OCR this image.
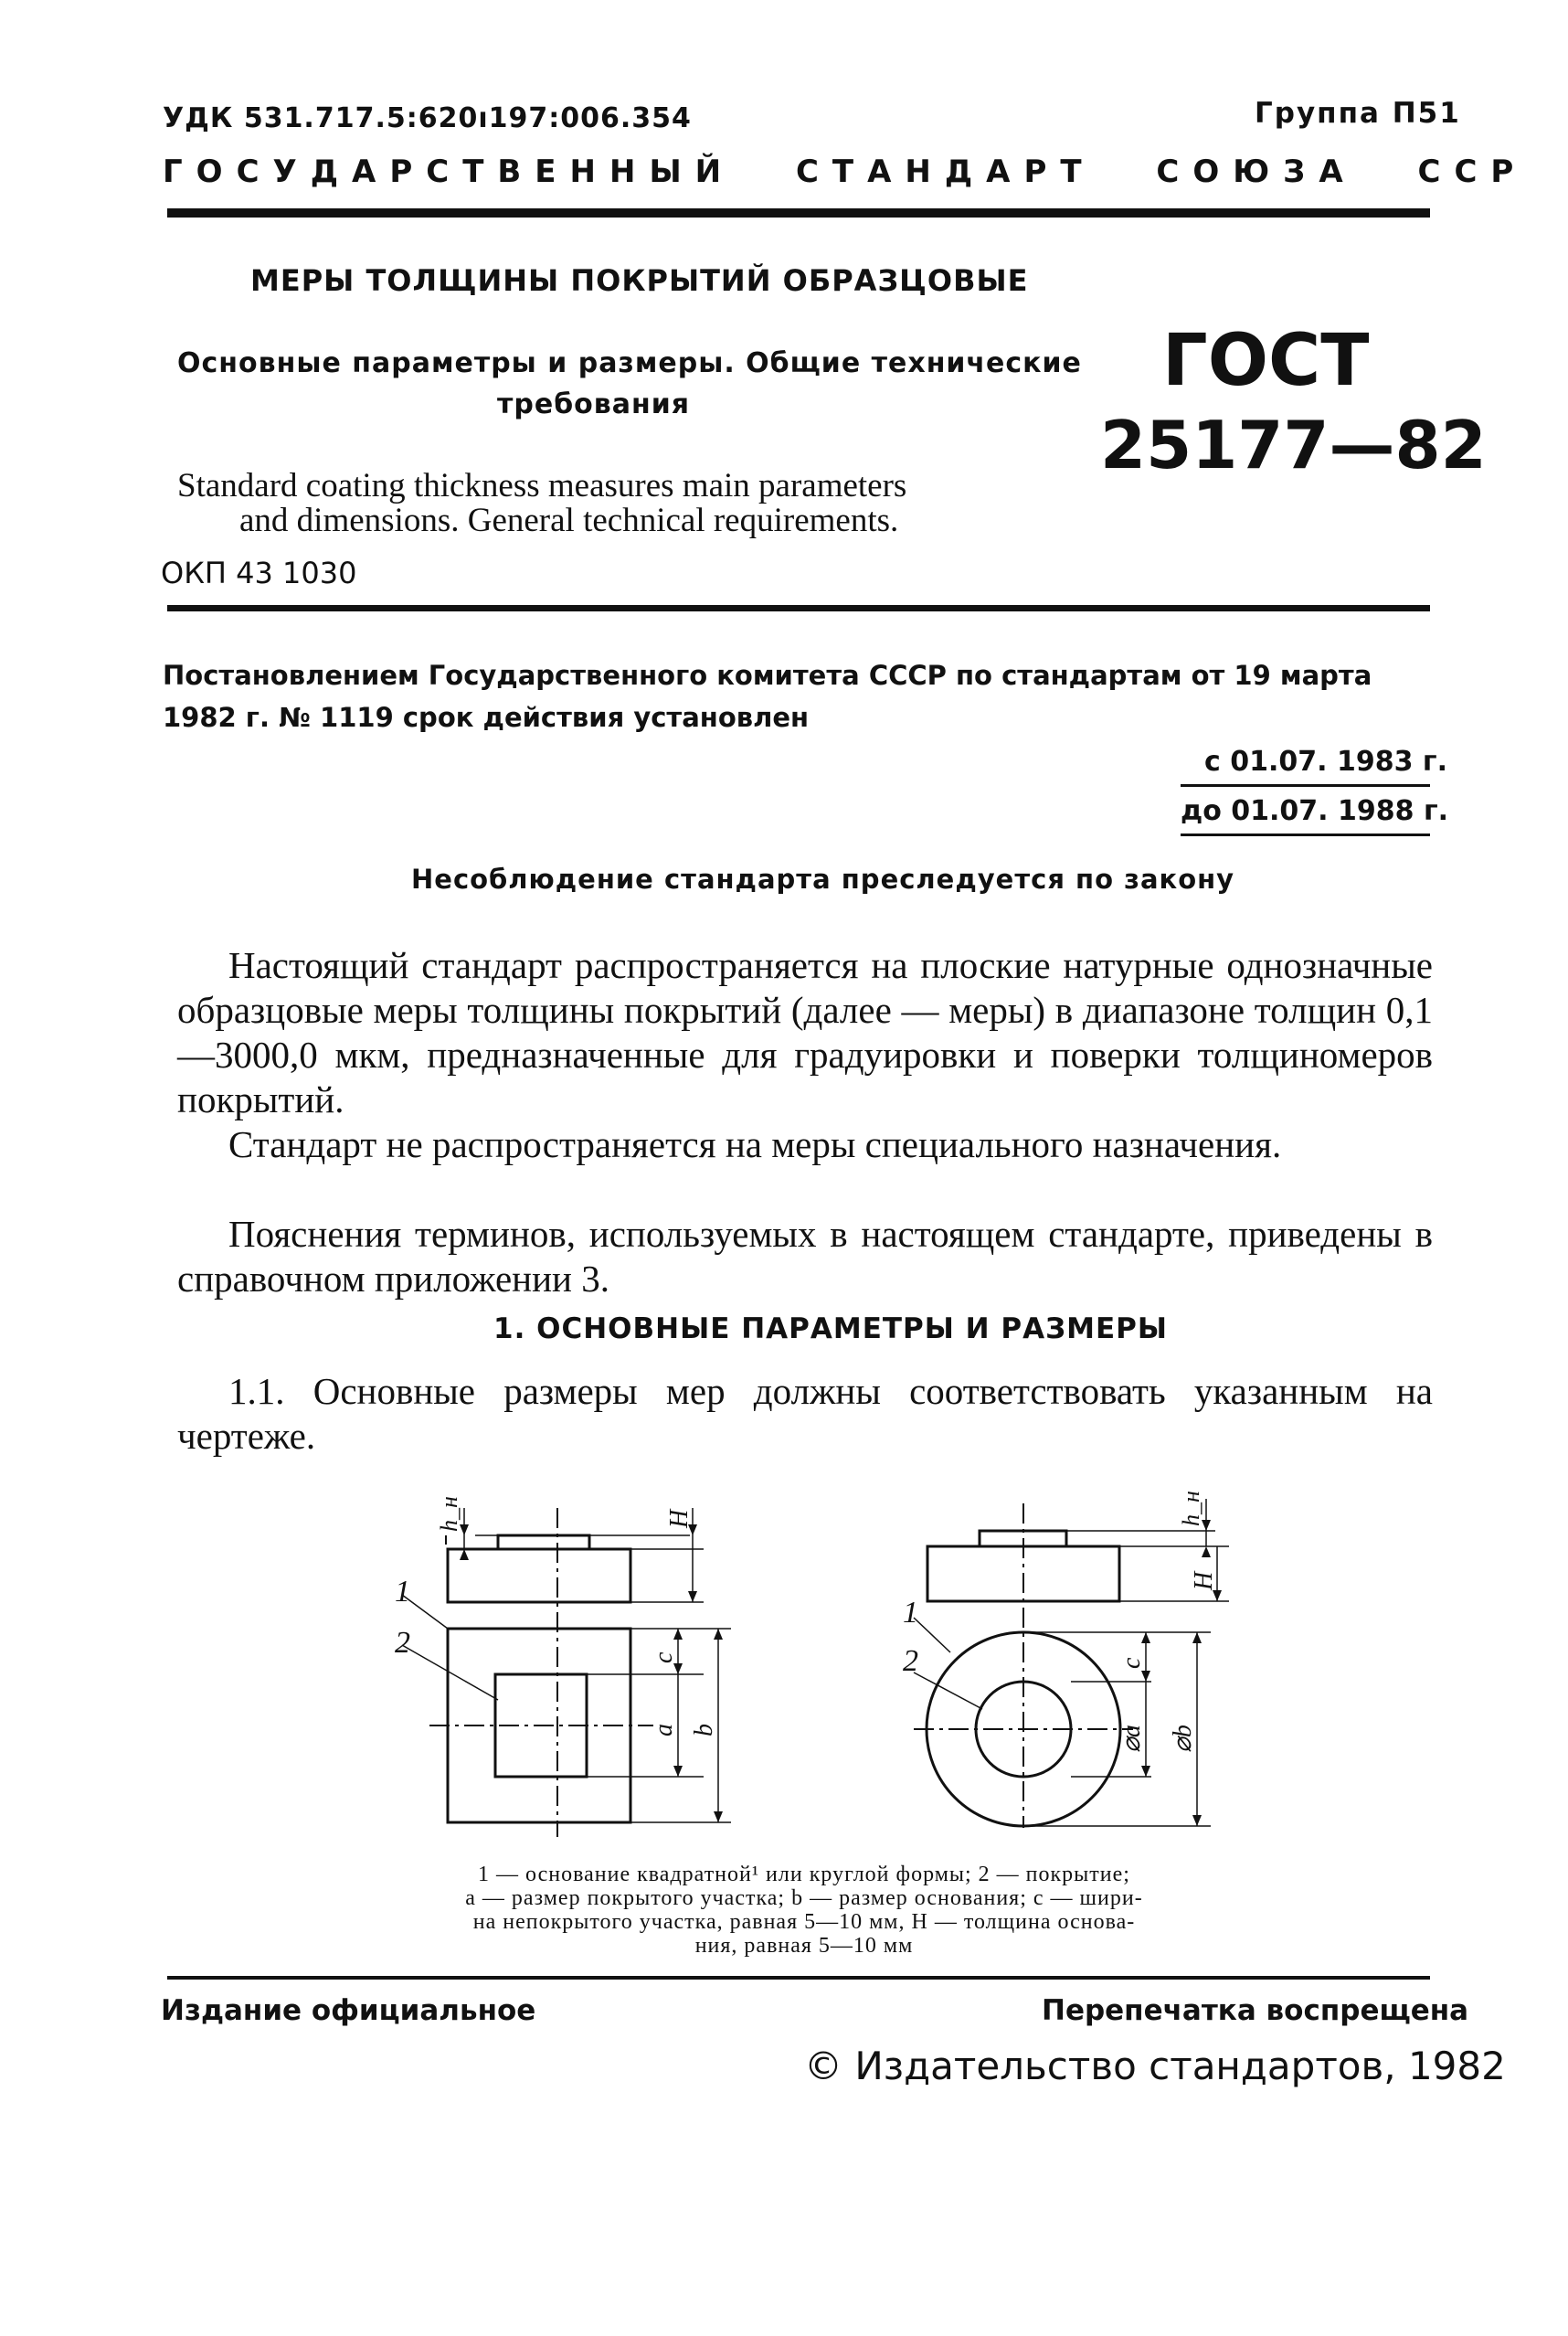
УДК 531.717.5:620ı197:006.354	Группа П51
ГОСУДАРСТВЕННЫЙ СТАНДАРТ СОЮЗА ССР
МЕРЫ ТОЛЩИНЫ ПОКРЫТИЙ ОБРАЗЦОВЫЕ
Основные параметры и размеры. Общие технические
требования
Standard coating thickness measures main parameters
and dimensions. General technical requirements.
ОКП 43 1030
ГОСТ
25177—82
Постановлением Государственного комитета СССР по стандартам от 19 марта
1982 г. № 1119 срок действия установлен
с 01.07. 1983 г.
до 01.07. 1988 г.
Несоблюдение стандарта преследуется по закону
Настоящий стандарт распространяется на плоские натурные однозначные образцовые меры толщины покрытий (далее — меры) в диапазоне толщин 0,1—3000,0 мкм, предназначенные для градуировки и поверки толщиномеров покрытий.
Стандарт не распространяется на меры специального назначения.
Пояснения терминов, используемых в настоящем стандарте, приведены в справочном приложении 3.
1. ОСНОВНЫЕ ПАРАМЕТРЫ И РАЗМЕРЫ
1.1. Основные размеры мер должны соответствовать указанным на чертеже.
1
2
h_н	H
c
a b
1
2
h_н
H
c
⌀a ⌀b
1 — основание квадратной¹ или круглой формы; 2 — покрытие;
a — размер покрытого участка; b — размер основания; c — шири-
на непокрытого участка, равная 5—10 мм, H — толщина основа-
ния, равная 5—10 мм
Издание официальное	Перепечатка воспрещена
© Издательство стандартов, 1982
